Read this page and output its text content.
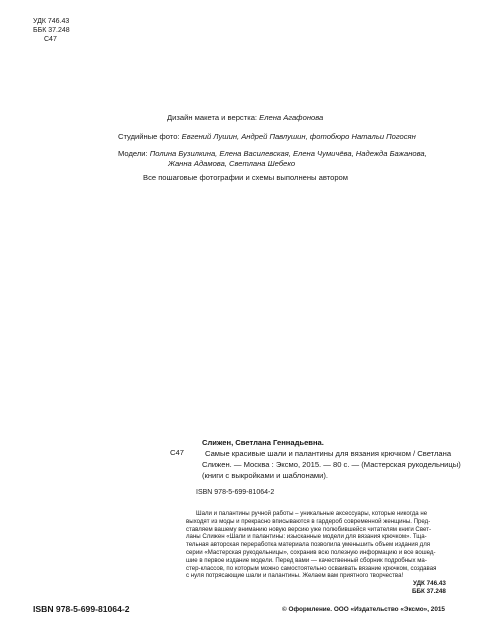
УДК 746.43
ББК 37.248
С47
Дизайн макета и верстка: Елена Агафонова
Студийные фото: Евгений Лушин, Андрей Павлушин, фотобюро Натальи Погосян
Модели: Полина Бузилкина, Елена Василевская, Елена Чумичёва, Надежда Бажанова,
Жанна Адамова, Светлана Шебеко
Все пошаговые фотографии и схемы выполнены автором
Слижен, Светлана Геннадьевна.
Самые красивые шали и палантины для вязания крючком / Светлана
Слижен. — Москва : Эксмо, 2015. — 80 с. — (Мастерская рукодельницы)
(книги с выкройками и шаблонами).
С47
ISBN 978-5-699-81064-2
Шали и палантины ручной работы – уникальные аксессуары, которые никогда не
выходят из моды и прекрасно вписываются в гардероб современной женщины. Пред-
ставляем вашему вниманию новую версию уже полюбившейся читателям книги Свет-
ланы Слижен «Шали и палантины: изысканные модели для вязания крючком». Тща-
тельная авторская переработка материала позволила уменьшить объем издания для
серии «Мастерская рукодельницы», сохранив всю полезную информацию и все вошед-
шие в первое издание модели. Перед вами — качественный сборник подробных ма-
стер-классов, по которым можно самостоятельно осваивать вязание крючком, создавая
с нуля потрясающие шали и палантины. Желаем вам приятного творчества!
УДК 746.43
ББК 37.248
ISBN 978-5-699-81064-2	© Оформление. ООО «Издательство «Эксмо», 2015
